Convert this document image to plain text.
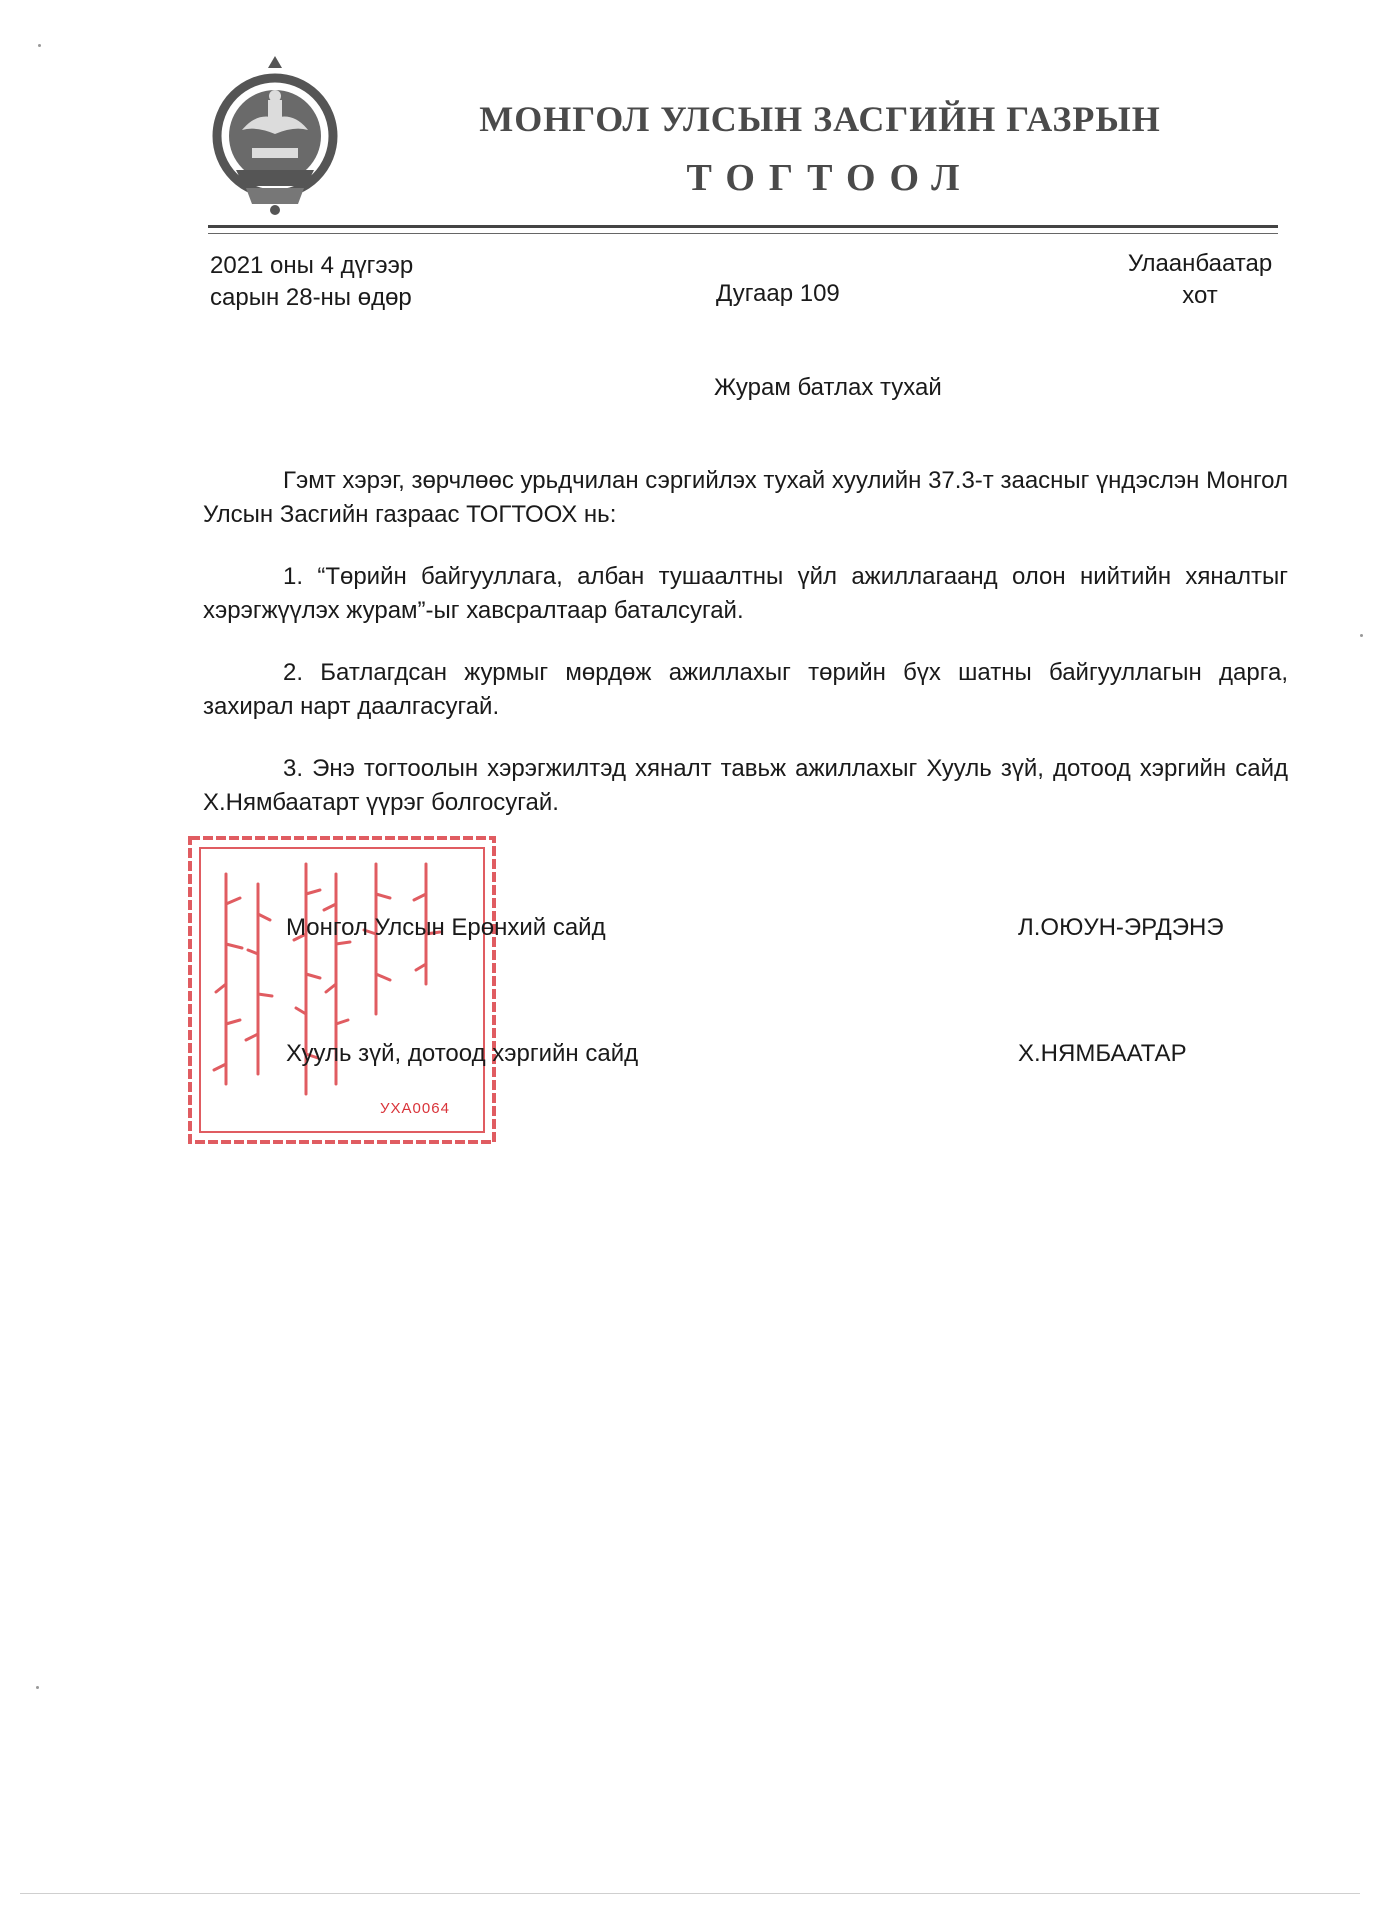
МОНГОЛ УЛСЫН ЗАСГИЙН ГАЗРЫН
ТОГТООЛ
2021 оны 4 дүгээр
сарын 28-ны өдөр	Дугаар 109
Улаанбаатар
хот
Журам батлах тухай

Гэмт хэрэг, зөрчлөөс урьдчилан сэргийлэх тухай хуулийн 37.3-т заасныг үндэслэн Монгол Улсын Засгийн газраас ТОГТООХ нь:

1. “Төрийн байгууллага, албан тушаалтны үйл ажиллагаанд олон нийтийн хяналтыг хэрэгжүүлэх журам”-ыг хавсралтаар баталсугай.

2. Батлагдсан журмыг мөрдөж ажиллахыг төрийн бүх шатны байгууллагын дарга, захирал нарт даалгасугай.

3. Энэ тогтоолын хэрэгжилтэд хяналт тавьж ажиллахыг Хууль зүй, дотоод хэргийн сайд Х.Нямбаатарт үүрэг болгосугай.

УХА0064
Монгол Улсын Ерөнхий сайд	Л.ОЮУН-ЭРДЭНЭ
Хууль зүй, дотоод хэргийн сайд	Х.НЯМБААТАР
